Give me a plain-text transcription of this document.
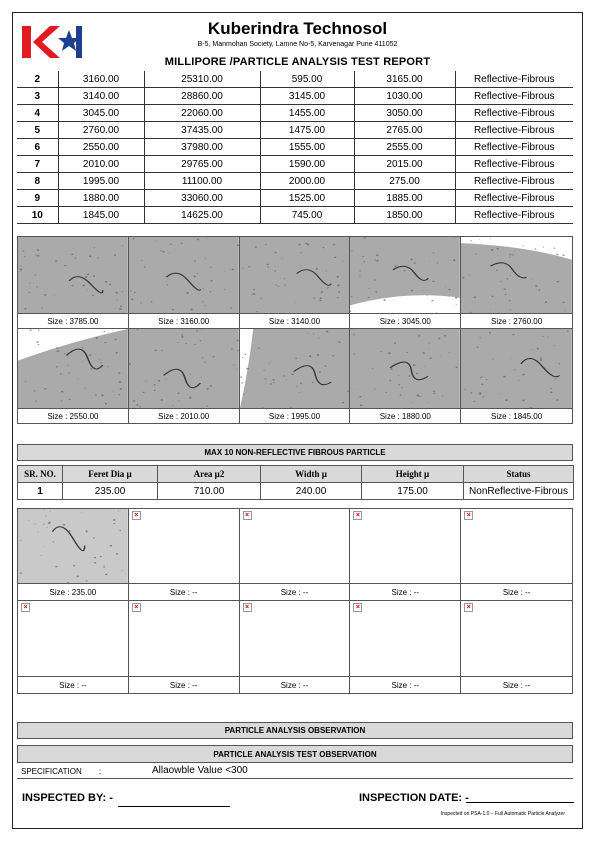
Kuberindra Technosol
B-5, Manmohan Society, Lamne No-5, Karvenagar Pune 411052
MILLIPORE /PARTICLE ANALYSIS TEST REPORT
2	3160.00	25310.00	595.00	3165.00	Reflective-Fibrous
3	3140.00	28860.00	3145.00	1030.00	Reflective-Fibrous
4	3045.00	22060.00	1455.00	3050.00	Reflective-Fibrous
5	2760.00	37435.00	1475.00	2765.00	Reflective-Fibrous
6	2550.00	37980.00	1555.00	2555.00	Reflective-Fibrous
7	2010.00	29765.00	1590.00	2015.00	Reflective-Fibrous
8	1995.00	11100.00	2000.00	275.00	Reflective-Fibrous
9	1880.00	33060.00	1525.00	1885.00	Reflective-Fibrous
10	1845.00	14625.00	745.00	1850.00	Reflective-Fibrous
Size : 3785.00	Size : 3160.00	Size : 3140.00	Size : 3045.00	Size : 2760.00
Size : 2550.00	Size : 2010.00	Size : 1995.00	Size : 1880.00	Size : 1845.00
MAX 10 NON-REFLECTIVE FIBROUS PARTICLE
SR. NO.	Feret Dia µ	Area µ2	Width µ	Height µ	Status
1	235.00	710.00	240.00	175.00	NonReflective-Fibrous
Size : 235.00
×
Size : --
×
Size : --
×
Size : --
×
Size : --
×
Size : --
×
Size : --
×
Size : --
×
Size : --
×
Size : --
PARTICLE ANALYSIS OBSERVATION
PARTICLE ANALYSIS TEST OBSERVATION
SPECIFICATION :	Allaowble Value <300
INSPECTED BY: -	INSPECTION DATE: -
Inspected on PSA-1.0 – Full Automatic Particle Analyzer
